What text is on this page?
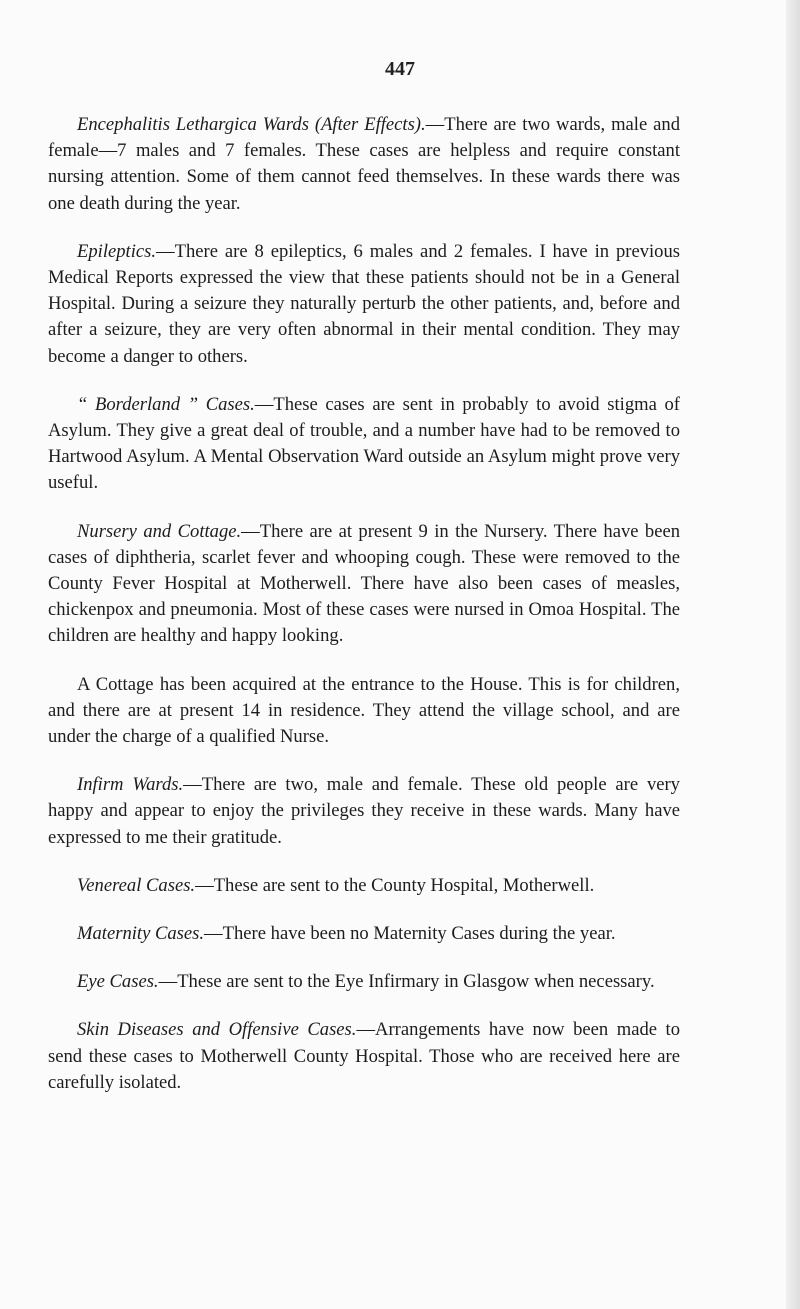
447

Encephalitis Lethargica Wards (After Effects).—There are two wards, male and female—7 males and 7 females. These cases are helpless and require constant nursing attention. Some of them cannot feed themselves. In these wards there was one death during the year.

Epileptics.—There are 8 epileptics, 6 males and 2 females. I have in previous Medical Reports expressed the view that these patients should not be in a General Hospital. During a seizure they naturally perturb the other patients, and, before and after a seizure, they are very often abnormal in their mental condition. They may become a danger to others.

“ Borderland ” Cases.—These cases are sent in probably to avoid stigma of Asylum. They give a great deal of trouble, and a number have had to be removed to Hartwood Asylum. A Mental Observation Ward outside an Asylum might prove very useful.

Nursery and Cottage.—There are at present 9 in the Nursery. There have been cases of diphtheria, scarlet fever and whooping cough. These were removed to the County Fever Hospital at Motherwell. There have also been cases of measles, chickenpox and pneumonia. Most of these cases were nursed in Omoa Hospital. The children are healthy and happy looking.

A Cottage has been acquired at the entrance to the House. This is for children, and there are at present 14 in residence. They attend the village school, and are under the charge of a qualified Nurse.

Infirm Wards.—There are two, male and female. These old people are very happy and appear to enjoy the privileges they receive in these wards. Many have expressed to me their gratitude.

Venereal Cases.—These are sent to the County Hospital, Motherwell.

Maternity Cases.—There have been no Maternity Cases during the year.

Eye Cases.—These are sent to the Eye Infirmary in Glasgow when necessary.

Skin Diseases and Offensive Cases.—Arrangements have now been made to send these cases to Motherwell County Hospital. Those who are received here are carefully isolated.
